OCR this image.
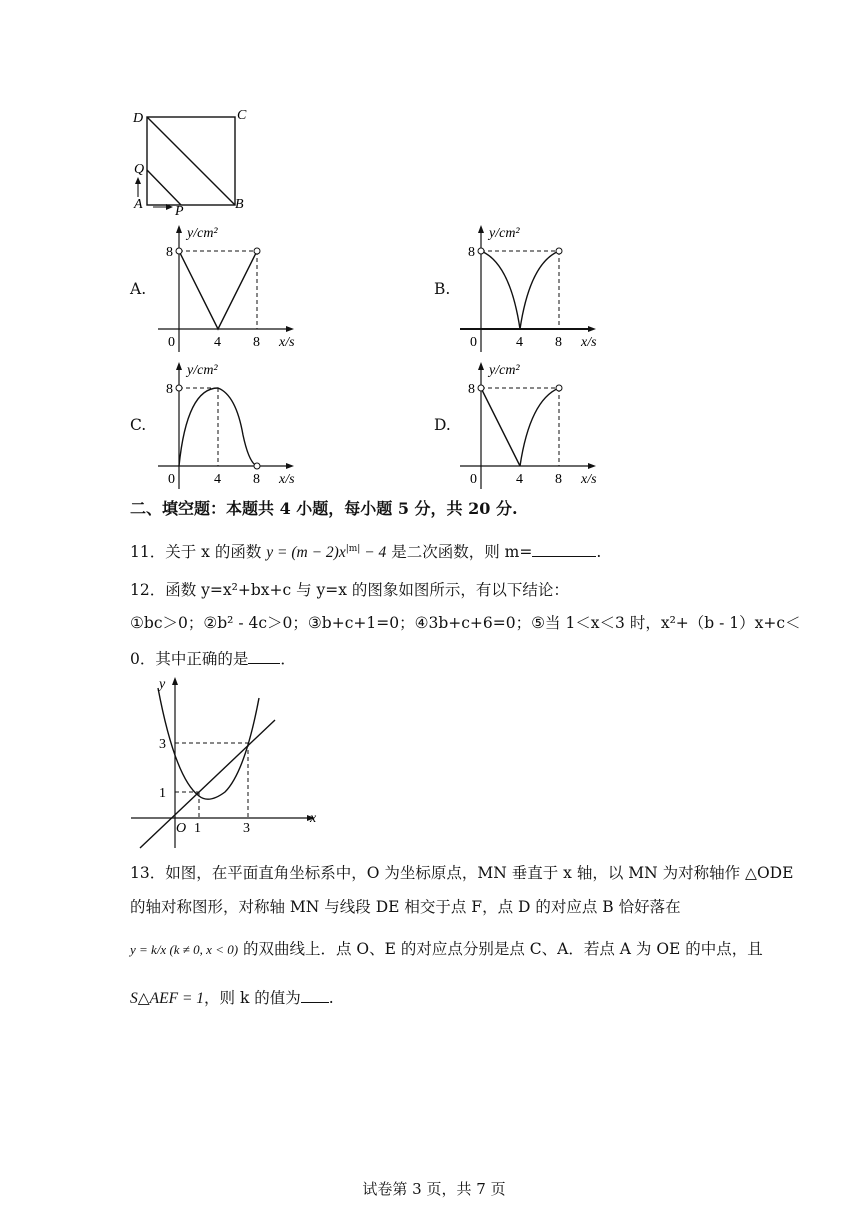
D	C
Q
A P	B
A.
y/cm²
8
0	4 8 x/s
B.
y/cm²
8
0	4 8 x/s
C.
y/cm²
8
0	4 8 x/s
D.
y/cm²
8
0	4 8 x/s
二、填空题：本题共 4 小题，每小题 5 分，共 20 分.
11．关于 x 的函数 $y = (m - 2)x^{|m|} - 4$ 是二次函数，则 m=	.
12．函数 y=x²+bx+c 与 y=x 的图象如图所示，有以下结论：
①bc＞0；②b² - 4c＞0；③b+c+1=0；④3b+c+6=0；⑤当 1＜x＜3 时，x²+（b - 1）x+c＜
0．其中正确的是 ．
y
x
O
3
1
1	3
13．如图，在平面直角坐标系中，O 为坐标原点，MN 垂直于 x 轴，以 MN 为对称轴作 △ODE
的轴对称图形，对称轴 MN 与线段 DE 相交于点 F，点 D 的对应点 B 恰好落在
y = k/x (k ≠ 0, x < 0) 的双曲线上．点 O、E 的对应点分别是点 C、A．若点 A 为 OE 的中点，且
S△AEF = 1，则 k 的值为 .
试卷第 3 页，共 7 页
